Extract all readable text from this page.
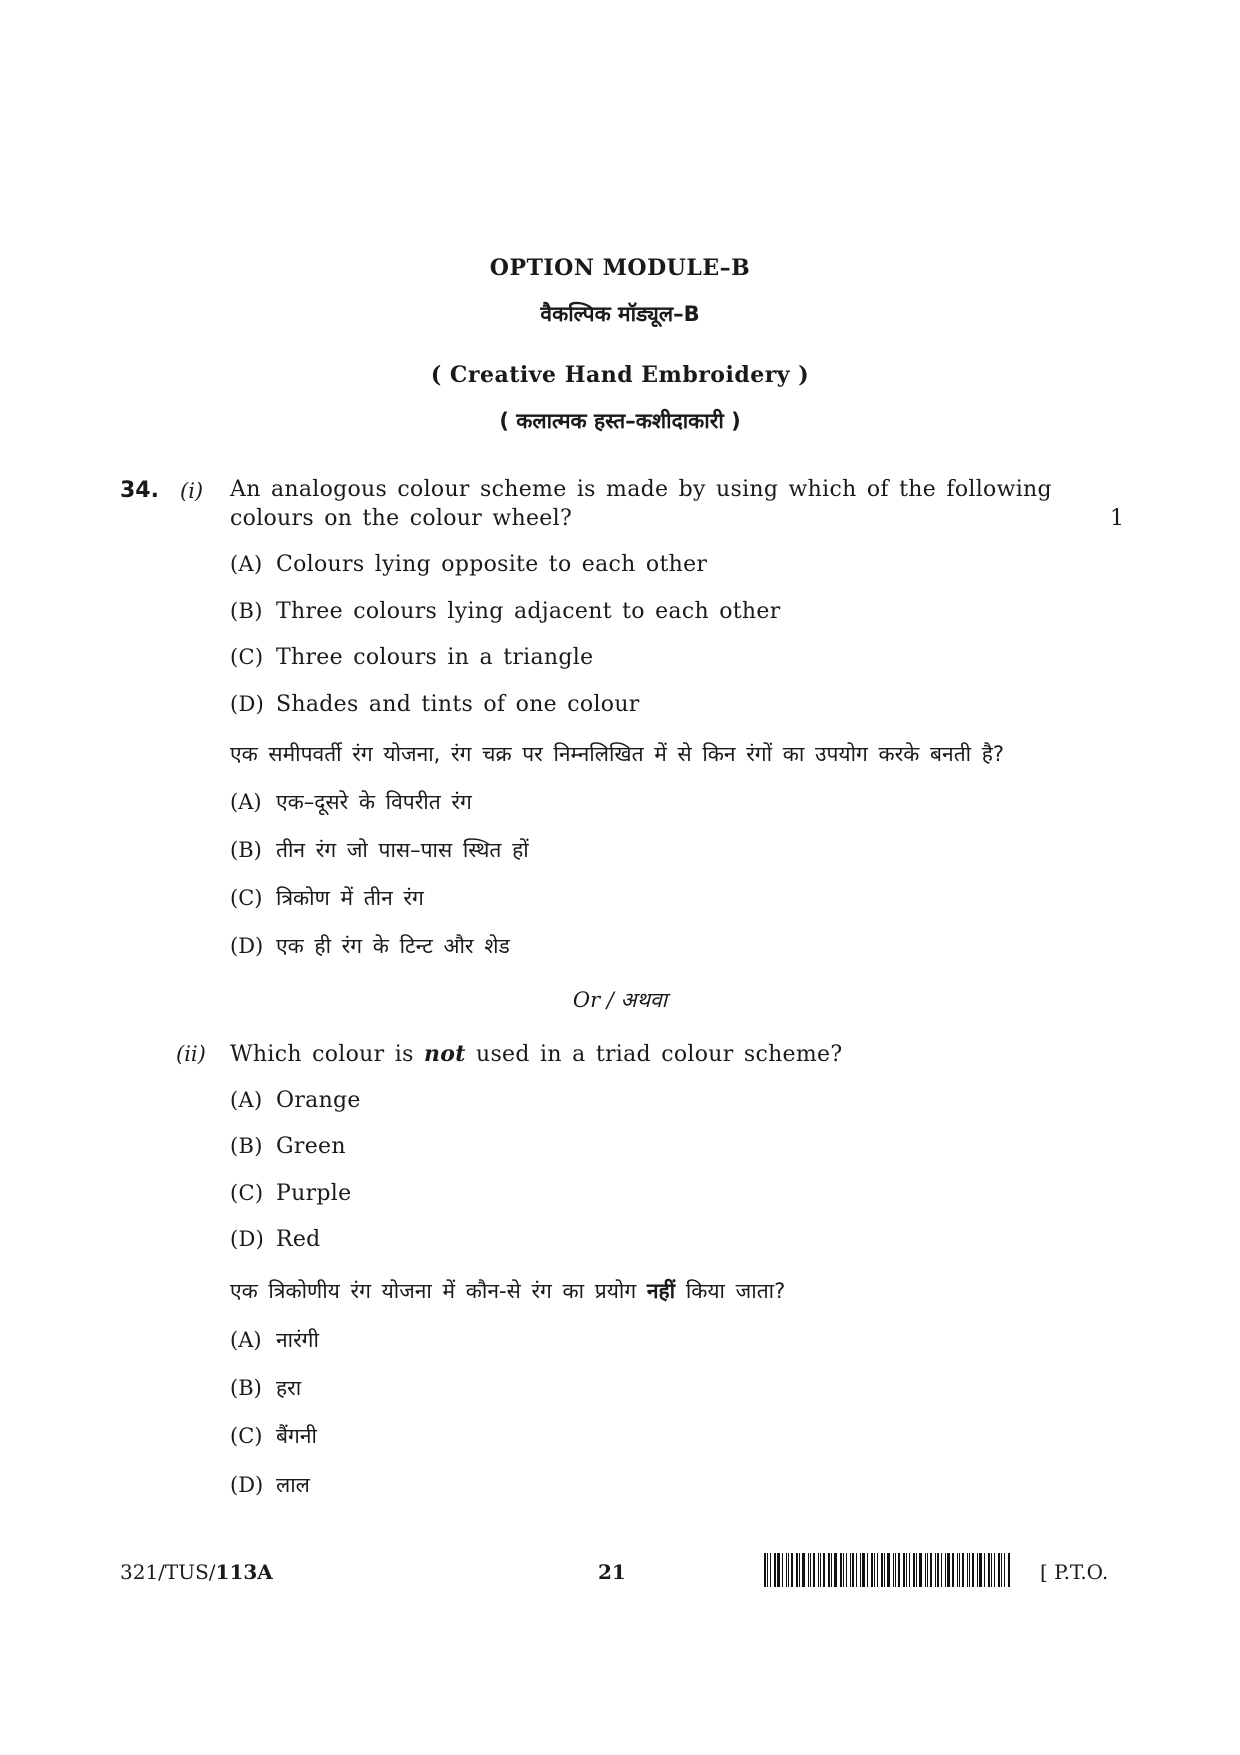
OPTION MODULE–B
वैकल्पिक मॉड्यूल–B
( Creative Hand Embroidery )
( कलात्मक हस्त–कशीदाकारी )
34. (i) An analogous colour scheme is made by using which of the following
colours on the colour wheel?	1
(A) Colours lying opposite to each other
(B) Three colours lying adjacent to each other
(C) Three colours in a triangle
(D) Shades and tints of one colour
एक समीपवर्ती रंग योजना, रंग चक्र पर निम्नलिखित में से किन रंगों का उपयोग करके बनती है?
(A) एक–दूसरे के विपरीत रंग
(B) तीन रंग जो पास–पास स्थित हों
(C) त्रिकोण में तीन रंग
(D) एक ही रंग के टिन्ट और शेड
Or / अथवा
(ii) Which colour is not used in a triad colour scheme?
(A) Orange
(B) Green
(C) Purple
(D) Red
एक त्रिकोणीय रंग योजना में कौन-से रंग का प्रयोग नहीं किया जाता?
(A) नारंगी
(B) हरा
(C) बैंगनी
(D) लाल
321/TUS/113A	21	[ P.T.O.
